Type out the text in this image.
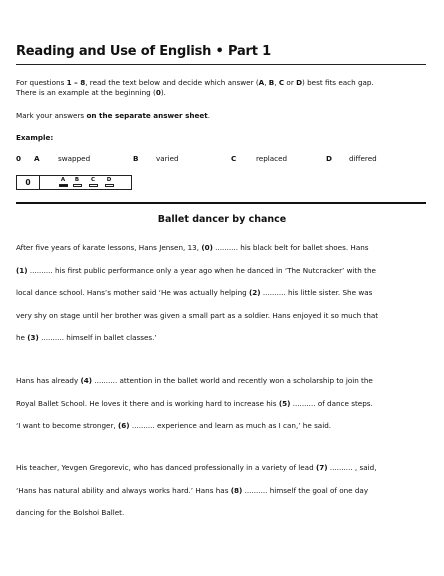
Reading and Use of English • Part 1
For questions 1 – 8, read the text below and decide which answer (A, B, C or D) best fits each gap.
There is an example at the beginning (0).
Mark your answers on the separate answer sheet.
Example:
0 A	swapped	B varied	C	replaced	D differed
0	A	B	C	D
Ballet dancer by chance
After five years of karate lessons, Hans Jensen, 13, (0) .......... his black belt for ballet shoes. Hans
(1) .......... his first public performance only a year ago when he danced in ‘The Nutcracker’ with the
local dance school. Hans’s mother said ‘He was actually helping (2) .......... his little sister. She was
very shy on stage until her brother was given a small part as a soldier. Hans enjoyed it so much that
he (3) .......... himself in ballet classes.’
Hans has already (4) .......... attention in the ballet world and recently won a scholarship to join the
Royal Ballet School. He loves it there and is working hard to increase his (5) .......... of dance steps.
‘I want to become stronger, (6) .......... experience and learn as much as I can,’ he said.
His teacher, Yevgen Gregorevic, who has danced professionally in a variety of lead (7) .......... , said,
‘Hans has natural ability and always works hard.’ Hans has (8) .......... himself the goal of one day
dancing for the Bolshoi Ballet.
